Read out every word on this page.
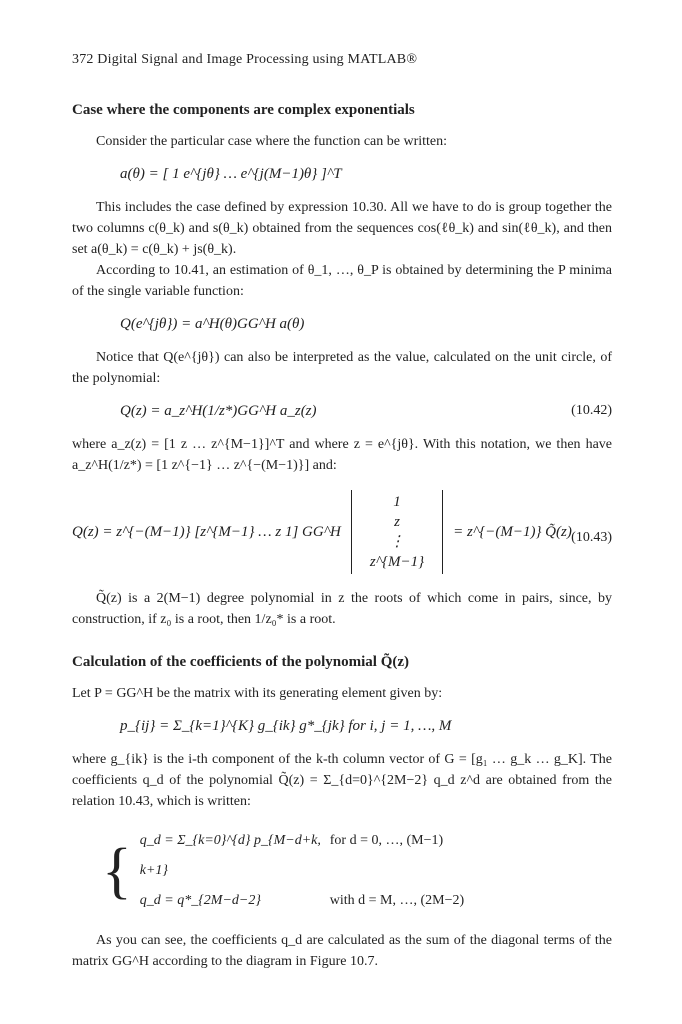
372 Digital Signal and Image Processing using MATLAB®
Case where the components are complex exponentials

Consider the particular case where the function can be written:

a(θ) = [ 1 e^{jθ} … e^{j(M−1)θ} ]^T

This includes the case defined by expression 10.30. All we have to do is group together the two columns c(θ_k) and s(θ_k) obtained from the sequences cos(ℓθ_k) and sin(ℓθ_k), and then set a(θ_k) = c(θ_k) + js(θ_k).

According to 10.41, an estimation of θ_1, …, θ_P is obtained by determining the P minima of the single variable function:

Q(e^{jθ}) = a^H(θ)GG^H a(θ)

Notice that Q(e^{jθ}) can also be interpreted as the value, calculated on the unit circle, of the polynomial:

Q(z) = a_z^H(1/z*)GG^H a_z(z)	(10.42)

where a_z(z) = [1 z … z^{M−1}]^T and where z = e^{jθ}. With this notation, we then have a_z^H(1/z*) = [1 z^{−1} … z^{−(M−1)}] and:

Q(z) = z^{−(M−1)} [z^{M−1} … z 1] GG^H
1
z
⋮
z^{M−1}
= z^{−(M−1)} Q̃(z) (10.43)

Q̃(z) is a 2(M−1) degree polynomial in z the roots of which come in pairs, since, by construction, if z₀ is a root, then 1/z₀* is a root.

Calculation of the coefficients of the polynomial Q̃(z)

Let P = GG^H be the matrix with its generating element given by:

p_{ij} = Σ_{k=1}^{K} g_{ik} g*_{jk} for i, j = 1, …, M

where g_{ik} is the i-th component of the k-th column vector of G = [g₁ … g_k … g_K]. The coefficients q_d of the polynomial Q̃(z) = Σ_{d=0}^{2M−2} q_d z^d are obtained from the relation 10.43, which is written:

{ q_d = Σ_{k=0}^{d} p_{M−d+k, k+1}
for d = 0, …, (M−1)
q_d = q*_{2M−d−2}	with d = M, …, (2M−2)

As you can see, the coefficients q_d are calculated as the sum of the diagonal terms of the matrix GG^H according to the diagram in Figure 10.7.
